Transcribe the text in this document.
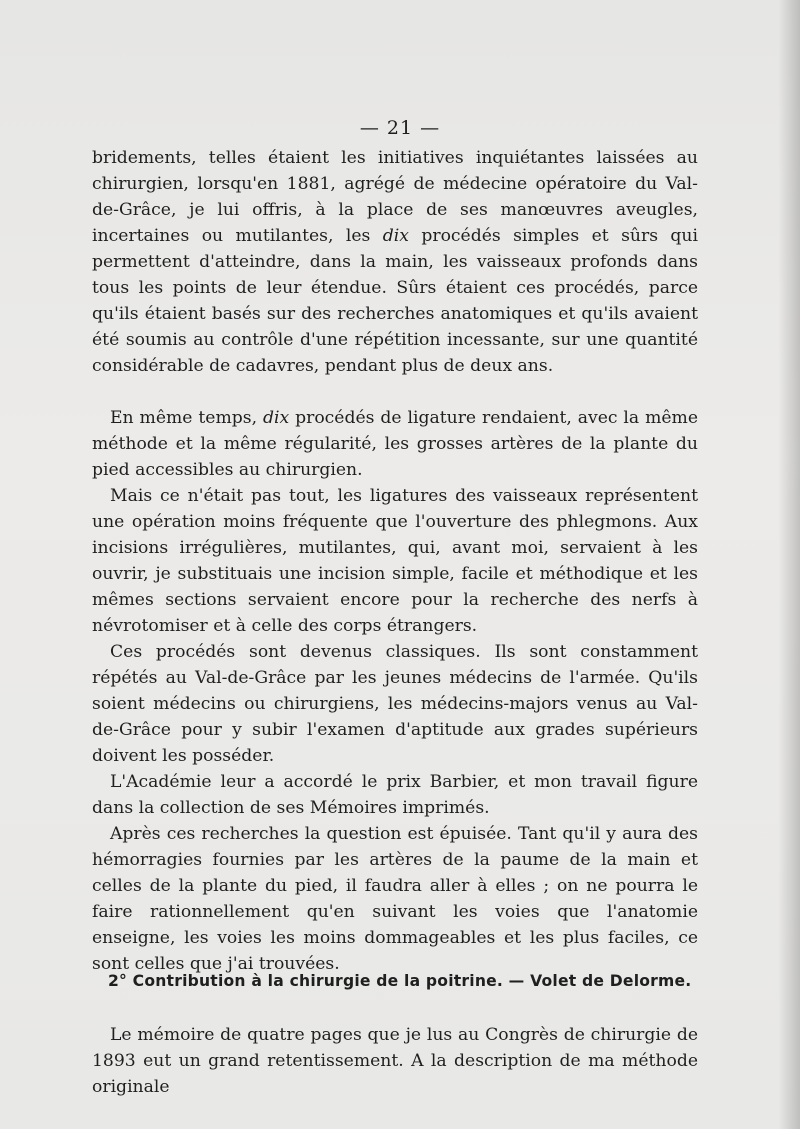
— 21 —

bridements, telles étaient les initiatives inquiétantes laissées au chirurgien, lorsqu'en 1881, agrégé de médecine opératoire du Val-de-Grâce, je lui offris, à la place de ses manœuvres aveugles, incertaines ou mutilantes, les dix procédés simples et sûrs qui permettent d'atteindre, dans la main, les vaisseaux profonds dans tous les points de leur étendue. Sûrs étaient ces procédés, parce qu'ils étaient basés sur des recherches anatomiques et qu'ils avaient été soumis au contrôle d'une répétition incessante, sur une quantité considérable de cadavres, pendant plus de deux ans.

En même temps, dix procédés de ligature rendaient, avec la même méthode et la même régularité, les grosses artères de la plante du pied accessibles au chirurgien.

Mais ce n'était pas tout, les ligatures des vaisseaux représentent une opération moins fréquente que l'ouverture des phlegmons. Aux incisions irrégulières, mutilantes, qui, avant moi, servaient à les ouvrir, je substituais une incision simple, facile et méthodique et les mêmes sections servaient encore pour la recherche des nerfs à névrotomiser et à celle des corps étrangers.

Ces procédés sont devenus classiques. Ils sont constamment répétés au Val-de-Grâce par les jeunes médecins de l'armée. Qu'ils soient médecins ou chirurgiens, les médecins-majors venus au Val-de-Grâce pour y subir l'examen d'aptitude aux grades supérieurs doivent les posséder.

L'Académie leur a accordé le prix Barbier, et mon travail figure dans la collection de ses Mémoires imprimés.

Après ces recherches la question est épuisée. Tant qu'il y aura des hémorragies fournies par les artères de la paume de la main et celles de la plante du pied, il faudra aller à elles ; on ne pourra le faire rationnellement qu'en suivant les voies que l'anatomie enseigne, les voies les moins dommageables et les plus faciles, ce sont celles que j'ai trouvées.

2° Contribution à la chirurgie de la poitrine. — Volet de Delorme.

Le mémoire de quatre pages que je lus au Congrès de chirurgie de 1893 eut un grand retentissement. A la description de ma méthode originale
